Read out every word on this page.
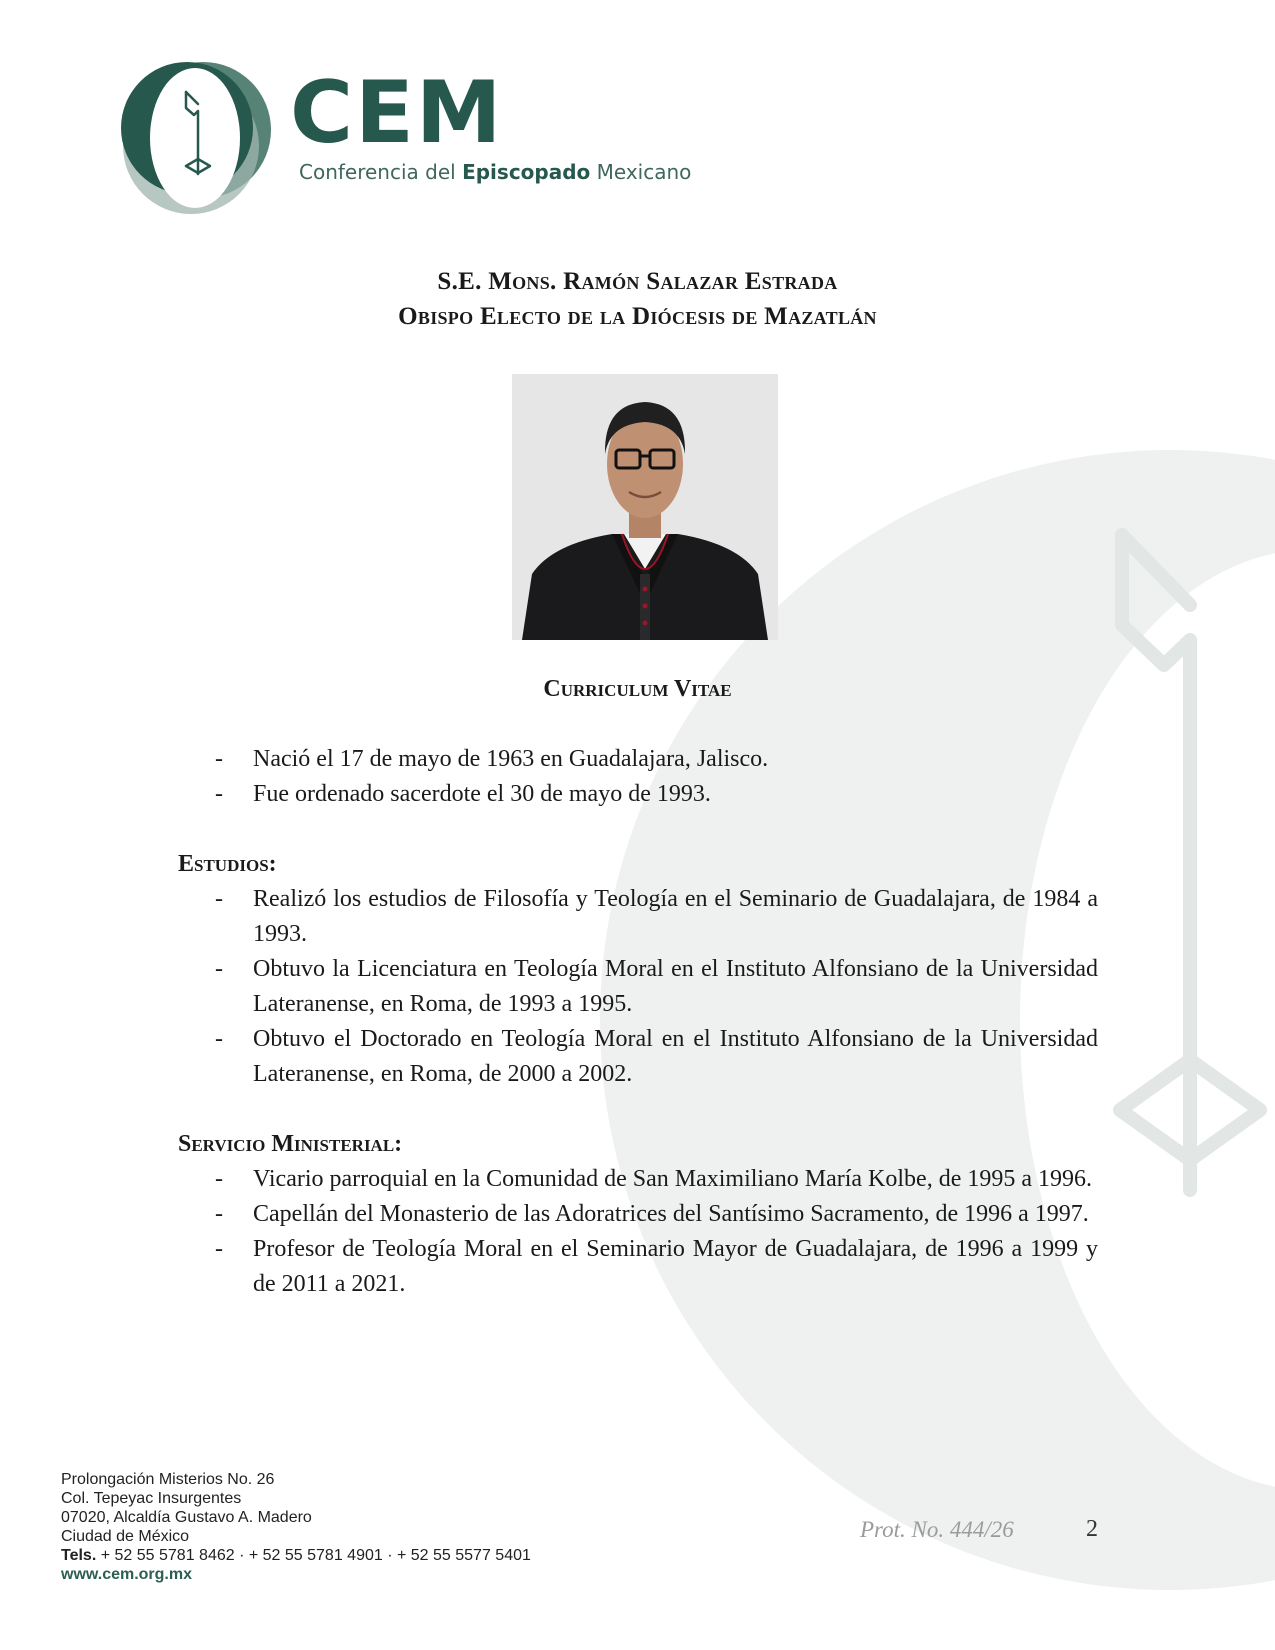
CEM
Conferencia del Episcopado Mexicano
S.E. Mons. Ramón Salazar Estrada
Obispo Electo de la Diócesis de Mazatlán
Curriculum Vitae
- Nació el 17 de mayo de 1963 en Guadalajara, Jalisco.
- Fue ordenado sacerdote el 30 de mayo de 1993.
Estudios:
- Realizó los estudios de Filosofía y Teología en el Seminario de Guadalajara, de 1984 a 1993.
- Obtuvo la Licenciatura en Teología Moral en el Instituto Alfonsiano de la Universidad Lateranense, en Roma, de 1993 a 1995.
- Obtuvo el Doctorado en Teología Moral en el Instituto Alfonsiano de la Universidad Lateranense, en Roma, de 2000 a 2002.
Servicio Ministerial:
- Vicario parroquial en la Comunidad de San Maximiliano María Kolbe, de 1995 a 1996.
- Capellán del Monasterio de las Adoratrices del Santísimo Sacramento, de 1996 a 1997.
- Profesor de Teología Moral en el Seminario Mayor de Guadalajara, de 1996 a 1999 y de 2011 a 2021.
Prolongación Misterios No. 26
Col. Tepeyac Insurgentes
07020, Alcaldía Gustavo A. Madero
Ciudad de México
Tels. + 52 55 5781 8462 · + 52 55 5781 4901 · + 52 55 5577 5401
www.cem.org.mx
Prot. No. 444/26	2
